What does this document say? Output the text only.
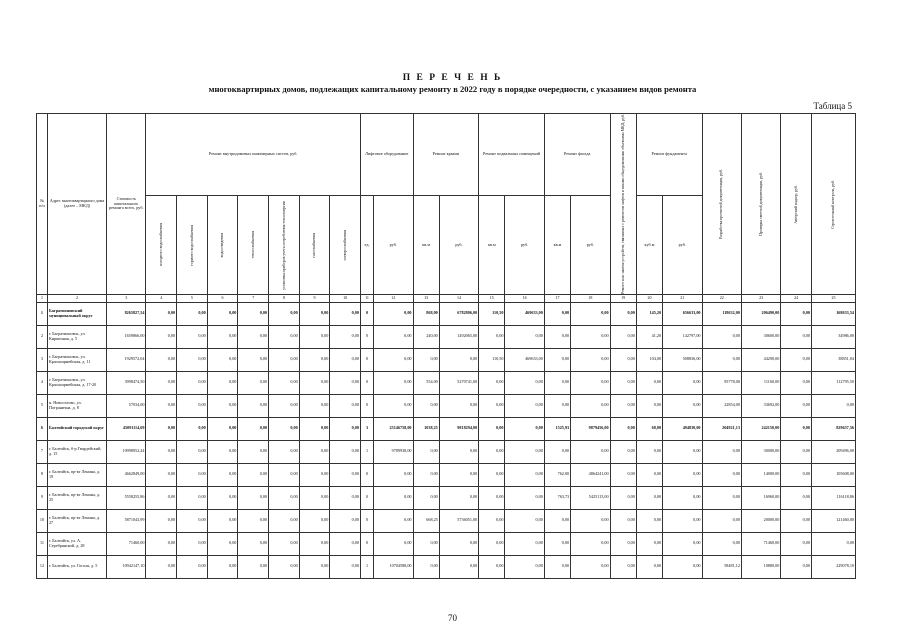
П Е Р Е Ч Е Н Ь
многоквартирных домов, подлежащих капитальному ремонту в 2022 году в порядке очередности, с указанием видов ремонта
Таблица 5
№ п/п	Адрес многоквартирного дома (далее – МКД)	Стоимость капитального ремонта всего, руб.	Ремонт внутридомовых инженерных систем, руб.							Лифтовое оборудование		Ремонт крыши		Ремонт подвальных помещений		Ремонт фасада		Ремонт или замена устройств, связанных с ремонтом лифтов и иными общедомовыми объектами МКД, руб.	Ремонт фундамента		Разработка проектной документации, руб.	Проверка сметной документации, руб.	Авторский надзор, руб.	Строительный контроль, руб.

			холодного водоснабжения	горячего водоснабжения	водоотведения	теплоснабжения	установка приборов учета потребления теплоэнергии	газоснабжения	электроснабжения	ед.	руб.	кв.м	руб.	кв.м	руб.	кв.м	руб.		куб.м	руб.				
1	2	3	4	5	6	7	8	9	10	11	12	13	14	15	16	17	18	19	20	21	22	23	24	25
1	Багратионовский муниципальный округ	8265827,54	0,00	0,00	0,00	0,00	0,00	0,00	0,00	0	0,00	868,00	6782806,00	110,50	469633,00	0,00	0,00	0,00	145,20	656633,00	118632,00	206490,00	0,00	168633,54
2	г. Багратионовск, ул. Кирпичная, д. 5	1659866,00	0,00	0,00	0,00	0,00	0,00	0,00	0,00	0	0,00	240,00	1492065,00	0,00	0,00	0,00	0,00	0,00	41,20	142797,00	0,00	30600,00	0,00	34986,00
3	г. Багратионовск, ул. Красноармейская, д. 11	1929572,04	0,00	0,00	0,00	0,00	0,00	0,00	0,00	0	0,00	0,00	0,00	110,50	469633,00	0,00	0,00	0,00	104,00	508836,00	0,00	44290,00	0,00	38851,04
4	г. Багратионовск, ул. Красноармейская, д. 17-20	3998474,50	0,00	0,00	0,00	0,00	0,00	0,00	0,00	0	0,00	554,00	5270741,00	0,00	0,00	0,00	0,00	0,00	0,00	0,00	95778,00	11160,00	0,00	112795,50
5	п. Новоселово, ул. Погранична, д. 8	57034,00	0,00	0,00	0,00	0,00	0,00	0,00	0,00	0	0,00	0,00	0,00	0,00	0,00	0,00	0,00	0,00	0,00	0,00	22854,00	33692,00	0,00	0,00
6	Балтийский городской округ	45091114,69	0,00	0,00	0,00	0,00	0,00	0,00	0,00	3	25146758,00	1038,25	9818294,00	0,00	0,00	1525,93	9879456,00	0,00	68,00	494830,00	204921,13	242150,00	0,00	829657,56
7	г. Балтийск, б-р Гвардейский, д. 15	10998952,44	0,00	0,00	0,00	0,00	0,00	0,00	0,00	1	9789938,00	0,00	0,00	0,00	0,00	0,00	0,00	0,00	0,00	0,00	0,00	30000,00	0,00	209496,00
8	г. Балтийск, пр-кт Ленина, д. 19	4662849,00	0,00	0,00	0,00	0,00	0,00	0,00	0,00	0	0,00	0,00	0,00	0,00	0,00	762,00	4864241,00	0,00	0,00	0,00	0,00	14000,00	0,00	105608,00
9	г. Балтийск, пр-кт Ленина, д. 25	5558255,86	0,00	0,00	0,00	0,00	0,00	0,00	0,00	0	0,00	0,00	0,00	0,00	0,00	763,73	5425115,00	0,00	0,00	0,00	0,00	16960,00	0,00	116118,86
10	г. Балтийск, пр-кт Ленина, д. 27	5871043,99	0,00	0,00	0,00	0,00	0,00	0,00	0,00	0	0,00	668,25	5736051,00	0,00	0,00	0,00	0,00	0,00	0,00	0,00	0,00	20000,00	0,00	121460,00
11	г. Балтийск, ул. А. Серебрянской, д. 28	71460,00	0,00	0,00	0,00	0,00	0,00	0,00	0,00	0	0,00	0,00	0,00	0,00	0,00	0,00	0,00	0,00	0,00	0,00	0,00	71460,00	0,00	0,00
12	г. Балтийск, ул. Гоголя, д. 5	10942147,10	0,00	0,00	0,00	0,00	0,00	0,00	0,00	1	10704588,00	0,00	0,00	0,00	0,00	0,00	0,00	0,00	0,00	0,00	58481,12	10880,00	0,00	229078,10
70
